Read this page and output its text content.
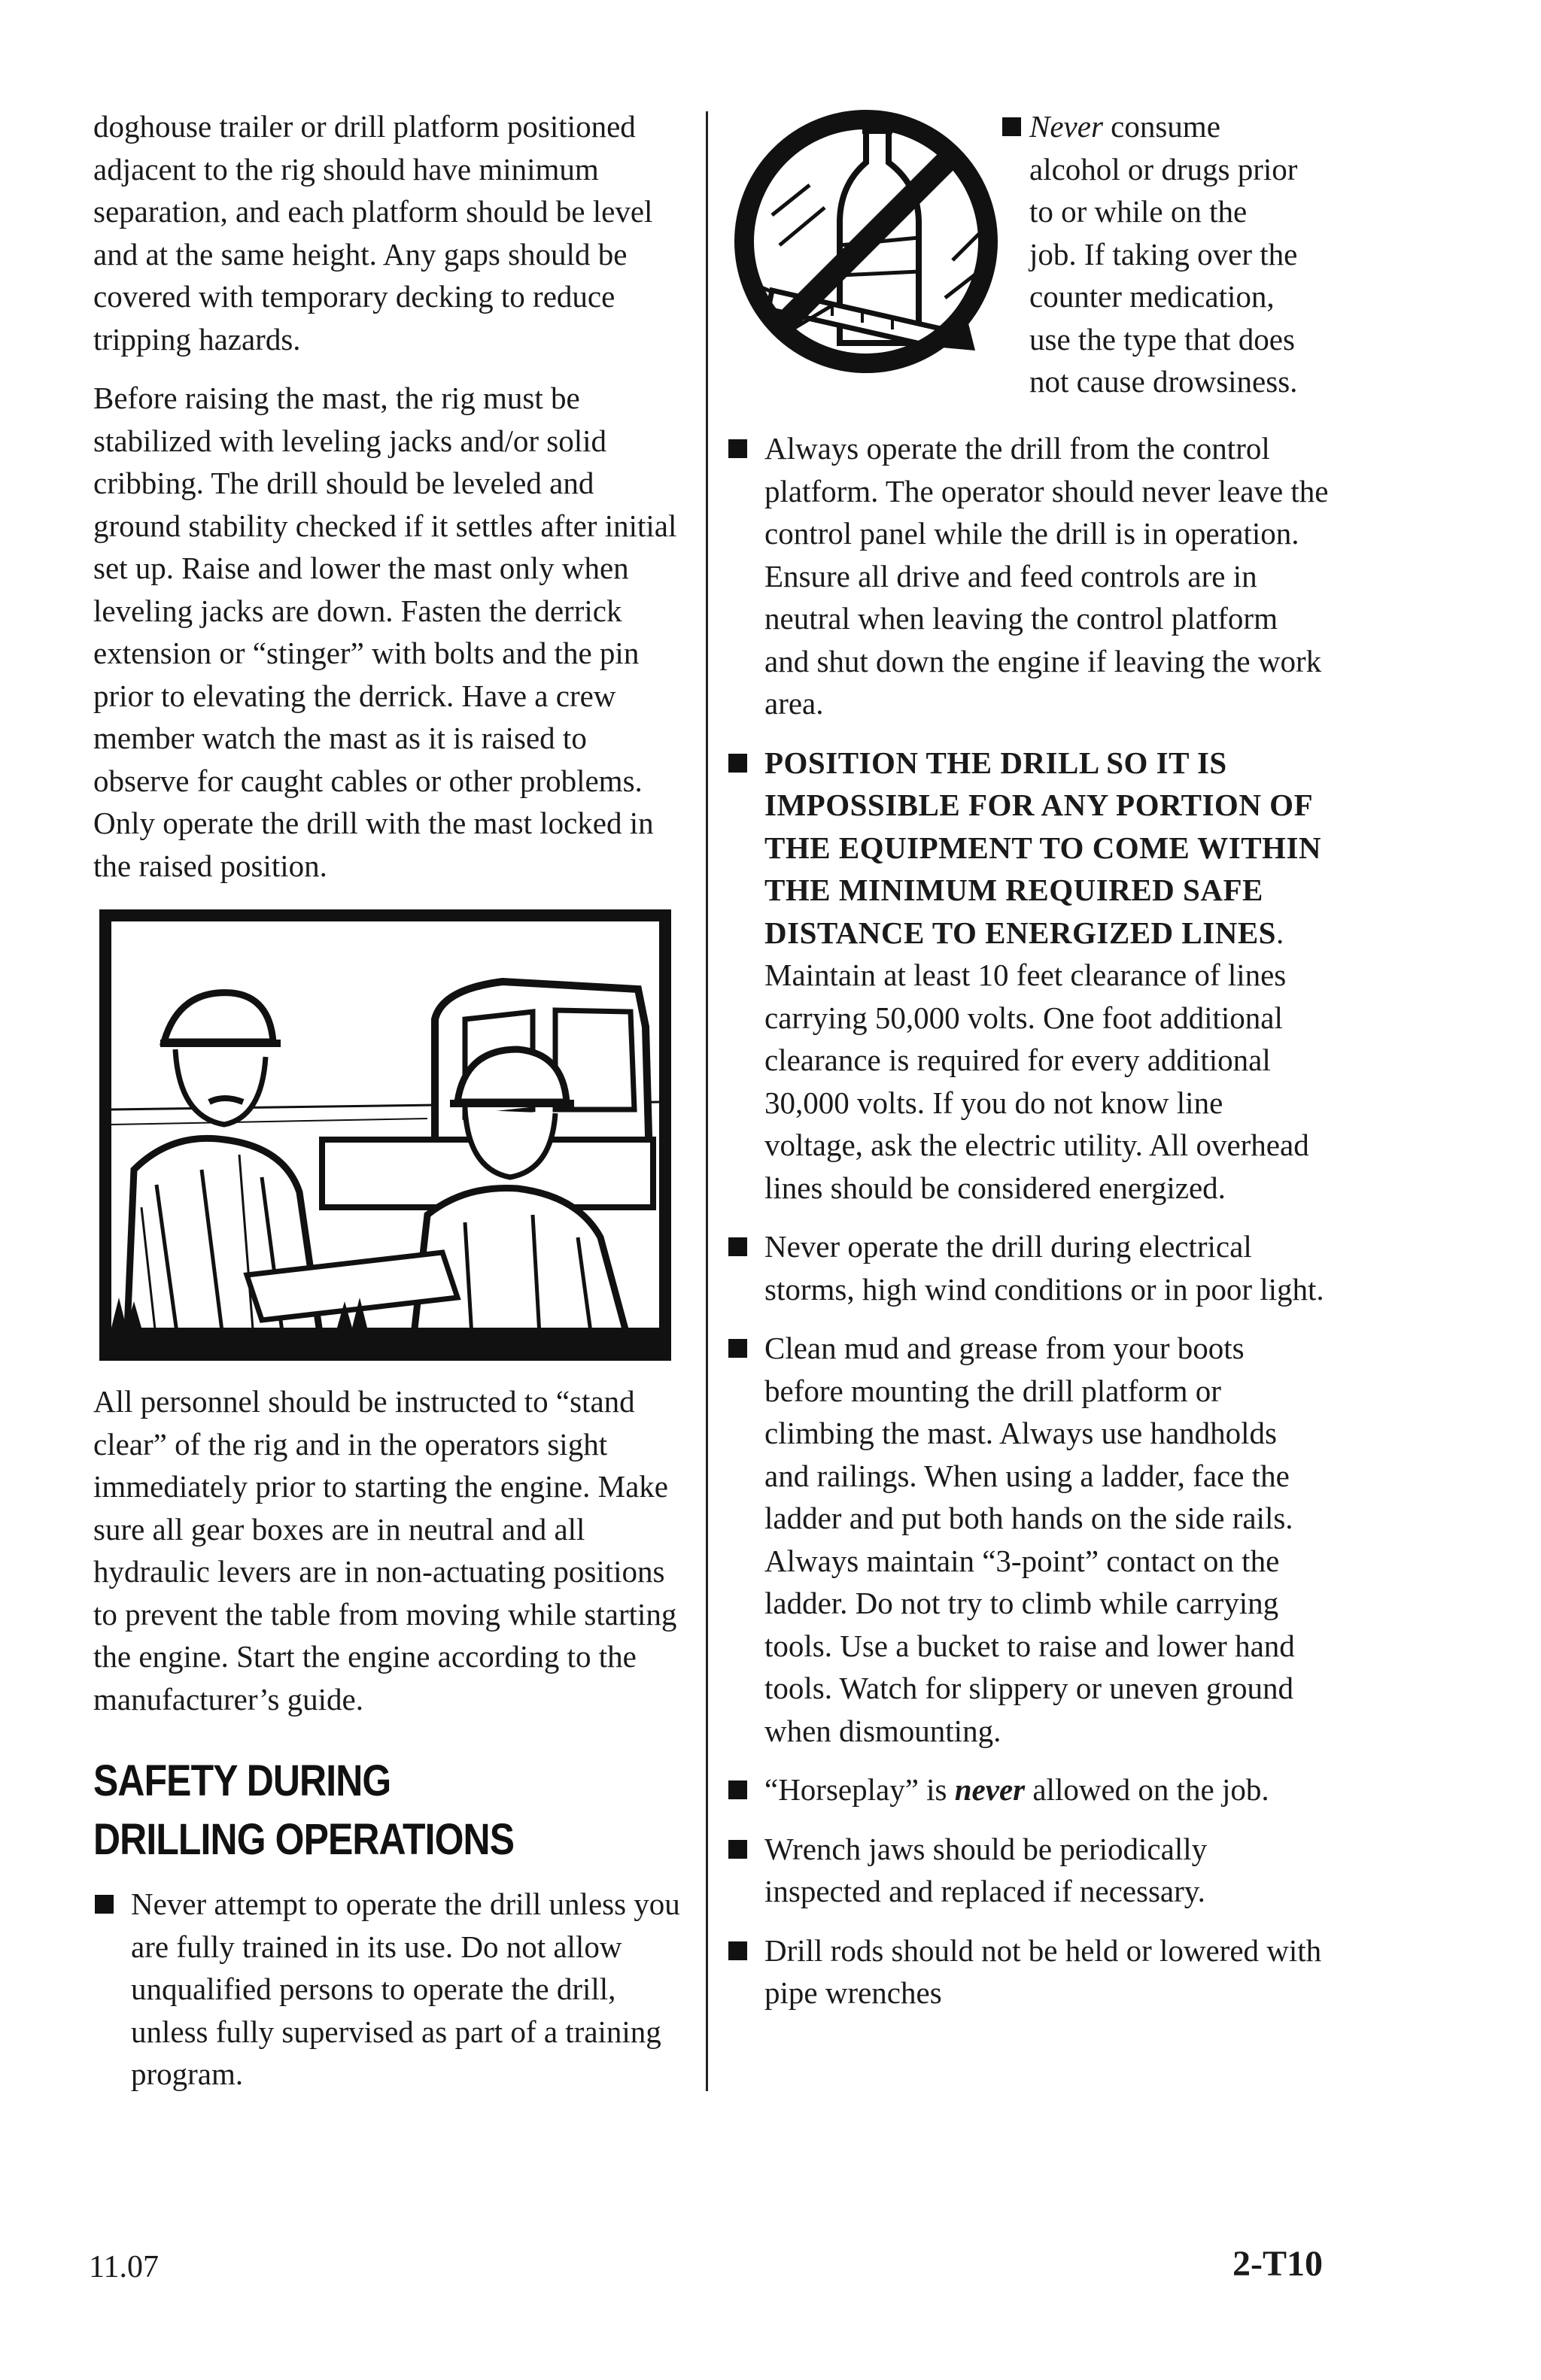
doghouse trailer or drill platform positioned adjacent to the rig should have minimum separation, and each platform should be level and at the same height. Any gaps should be covered with temporary decking to reduce tripping hazards.

Before raising the mast, the rig must be stabilized with leveling jacks and/or solid cribbing. The drill should be leveled and ground stability checked if it settles after initial set up. Raise and lower the mast only when leveling jacks are down. Fasten the derrick extension or “stinger” with bolts and the pin prior to elevating the derrick. Have a crew member watch the mast as it is raised to observe for caught cables or other problems. Only operate the drill with the mast locked in the raised position.

All personnel should be instructed to “stand clear” of the rig and in the operators sight immediately prior to starting the engine. Make sure all gear boxes are in neutral and all hydraulic levers are in non-actuating positions to prevent the table from moving while starting the engine. Start the engine according to the manufacturer’s guide.

SAFETY DURING
DRILLING OPERATIONS
Never attempt to operate the drill unless you are fully trained in its use. Do not allow unqualified persons to operate the drill, unless fully supervised as part of a training program.
Never consume

alcohol or drugs prior

to or while on the

job. If taking over the

counter medication,

use the type that does

not cause drowsiness.

Always operate the drill from the control platform. The operator should never leave the control panel while the drill is in operation. Ensure all drive and feed controls are in neutral when leaving the control platform and shut down the engine if leaving the work area.
POSITION THE DRILL SO IT IS IMPOSSIBLE FOR ANY PORTION OF THE EQUIPMENT TO COME WITHIN THE MINIMUM REQUIRED SAFE DISTANCE TO ENERGIZED LINES. Maintain at least 10 feet clearance of lines carrying 50,000 volts. One foot additional clearance is required for every additional 30,000 volts. If you do not know line voltage, ask the electric utility. All overhead lines should be considered energized.
Never operate the drill during electrical storms, high wind conditions or in poor light.
Clean mud and grease from your boots before mounting the drill platform or climbing the mast. Always use handholds and railings. When using a ladder, face the ladder and put both hands on the side rails. Always maintain “3-point” contact on the ladder. Do not try to climb while carrying tools. Use a bucket to raise and lower hand tools. Watch for slippery or uneven ground when dismounting.
“Horseplay” is never allowed on the job.
Wrench jaws should be periodically inspected and replaced if necessary.
Drill rods should not be held or lowered with pipe wrenches
11.07	2-T10
